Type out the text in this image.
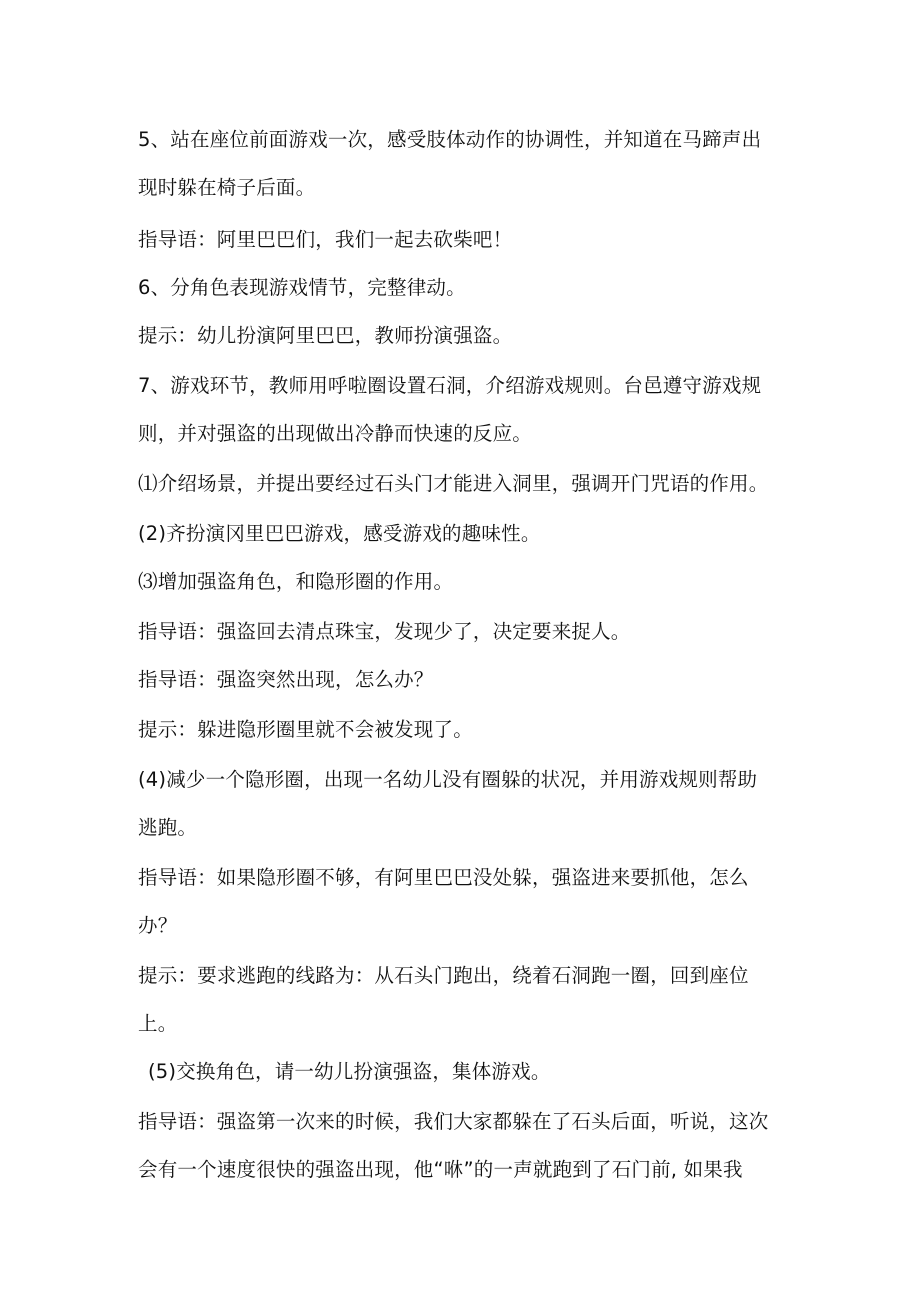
5、站在座位前面游戏一次，感受肢体动作的协调性，并知道在马蹄声出
现时躲在椅子后面。
指导语：阿里巴巴们，我们一起去砍柴吧！
6、分角色表现游戏情节，完整律动。
提示：幼儿扮演阿里巴巴，教师扮演强盗。
7、游戏环节，教师用呼啦圈设置石洞，介绍游戏规则。台邑遵守游戏规
则，并对强盗的出现做出冷静而快速的反应。
⑴介绍场景，并提出要经过石头门才能进入洞里，强调开门咒语的作用。
(2)齐扮演冈里巴巴游戏，感受游戏的趣味性。
⑶增加强盗角色，和隐形圈的作用。
指导语：强盗回去清点珠宝，发现少了，决定要来捉人。
指导语：强盗突然出现，怎么办？
提示：躲进隐形圈里就不会被发现了。
(4)减少一个隐形圈，出现一名幼儿没有圈躲的状况，并用游戏规则帮助
逃跑。
指导语：如果隐形圈不够，有阿里巴巴没处躲，强盗进来要抓他，怎么
办？
提示：要求逃跑的线路为：从石头门跑出，绕着石洞跑一圈，回到座位
上。
(5)交换角色，请一幼儿扮演强盗，集体游戏。
指导语：强盗第一次来的时候，我们大家都躲在了石头后面，听说，这次
会有一个速度很快的强盗出现，他“咻”的一声就跑到了石门前, 如果我
